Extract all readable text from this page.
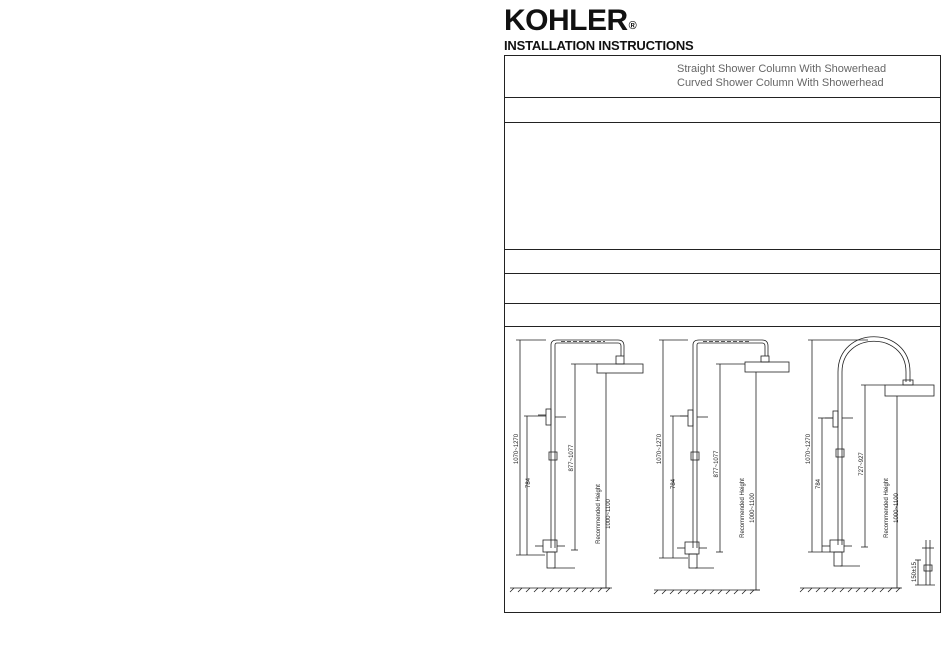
KOHLER®
INSTALLATION INSTRUCTIONS
Straight Shower Column With Showerhead
Curved Shower Column With Showerhead
1070~1270
784
877~1077
Recommended Height 1000~1100
1070~1270
784
877~1077
Recommended Height 1000~1100
1070~1270
784
727~927
Recommended Height 1000~1100
150±15
